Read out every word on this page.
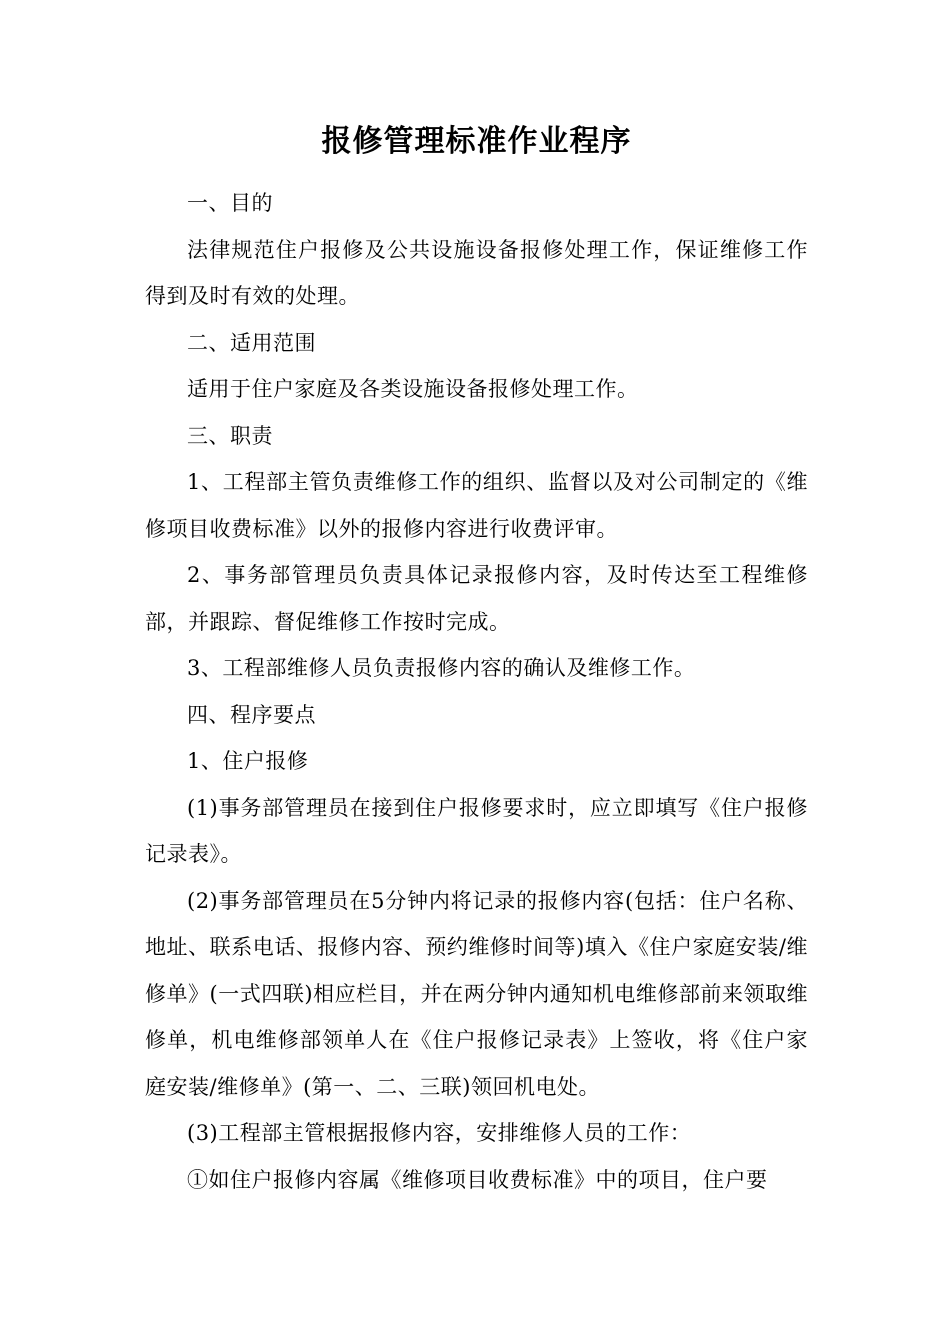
报修管理标准作业程序

一、目的

法律规范住户报修及公共设施设备报修处理工作，保证维修工作得到及时有效的处理。

二、适用范围

适用于住户家庭及各类设施设备报修处理工作。

三、职责

1、工程部主管负责维修工作的组织、监督以及对公司制定的《维修项目收费标准》以外的报修内容进行收费评审。

2、事务部管理员负责具体记录报修内容，及时传达至工程维修部，并跟踪、督促维修工作按时完成。

3、工程部维修人员负责报修内容的确认及维修工作。

四、程序要点

1、住户报修

(1)事务部管理员在接到住户报修要求时，应立即填写《住户报修记录表》。

(2)事务部管理员在5分钟内将记录的报修内容(包括：住户名称、地址、联系电话、报修内容、预约维修时间等)填入《住户家庭安装/维修单》(一式四联)相应栏目，并在两分钟内通知机电维修部前来领取维修单，机电维修部领单人在《住户报修记录表》上签收，将《住户家庭安装/维修单》(第一、二、三联)领回机电处。

(3)工程部主管根据报修内容，安排维修人员的工作：

①如住户报修内容属《维修项目收费标准》中的项目，住户要
